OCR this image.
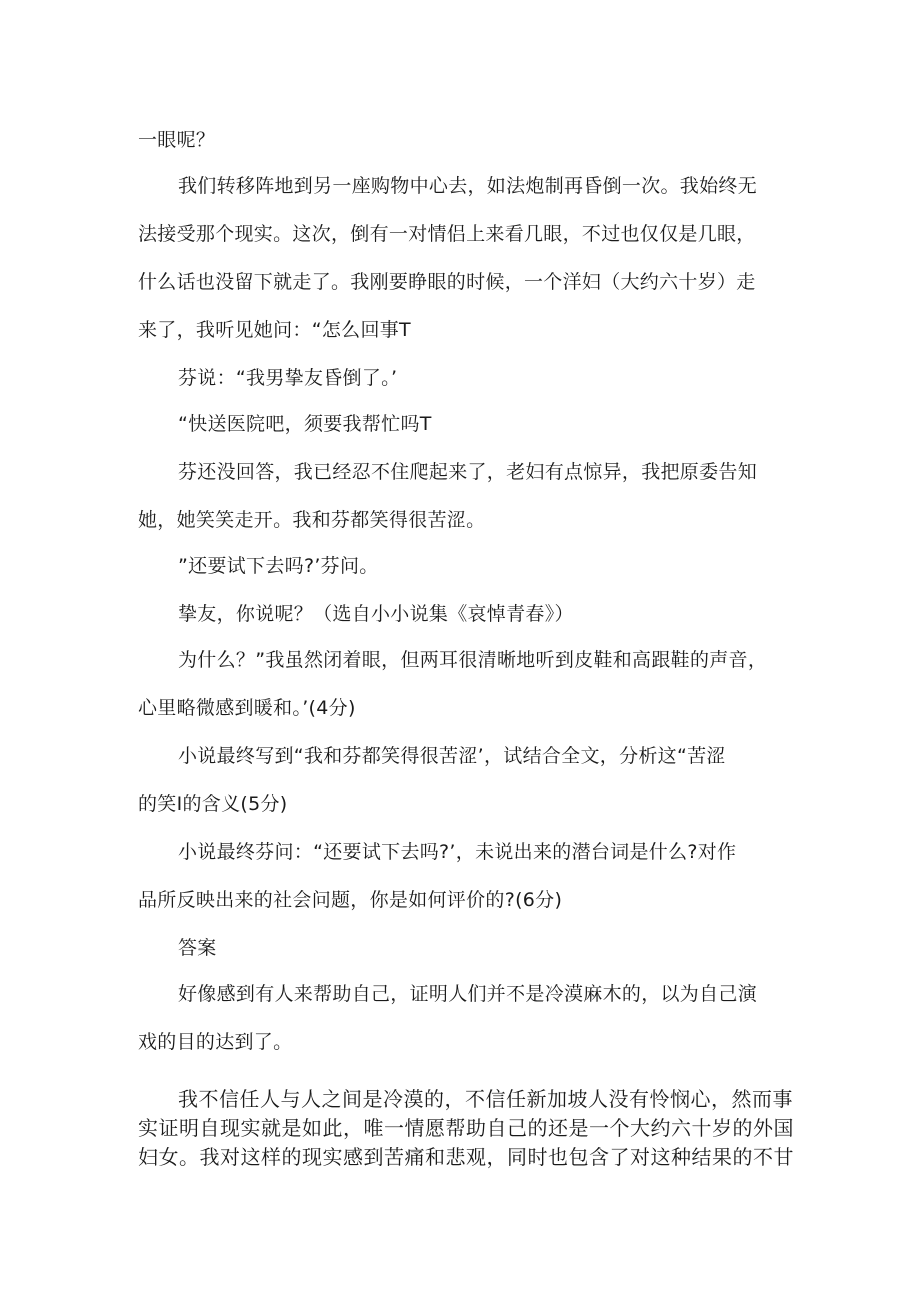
一眼呢？
我们转移阵地到另一座购物中心去，如法炮制再昏倒一次。我始终无
法接受那个现实。这次，倒有一对情侣上来看几眼，不过也仅仅是几眼，
什么话也没留下就走了。我刚要睁眼的时候，一个洋妇（大约六十岁）走
来了，我听见她问：“怎么回事T
芬说：“我男挚友昏倒了。’
“快送医院吧，须要我帮忙吗T
芬还没回答，我已经忍不住爬起来了，老妇有点惊异，我把原委告知
她，她笑笑走开。我和芬都笑得很苦涩。
”还要试下去吗?’芬问。
挚友，你说呢？（选自小小说集《哀悼青春》）
为什么？”我虽然闭着眼，但两耳很清晰地听到皮鞋和高跟鞋的声音，
心里略微感到暖和。’(4分)
小说最终写到“我和芬都笑得很苦涩’，试结合全文，分析这“苦涩
的笑I的含义(5分)
小说最终芬问：“还要试下去吗?’，未说出来的潜台词是什么?对作
品所反映出来的社会问题，你是如何评价的?(6分)
答案
好像感到有人来帮助自己，证明人们并不是冷漠麻木的，以为自己演
戏的目的达到了。
我不信任人与人之间是冷漠的，不信任新加坡人没有怜悯心，然而事
实证明自现实就是如此，唯一情愿帮助自己的还是一个大约六十岁的外国
妇女。我对这样的现实感到苦痛和悲观，同时也包含了对这种结果的不甘
